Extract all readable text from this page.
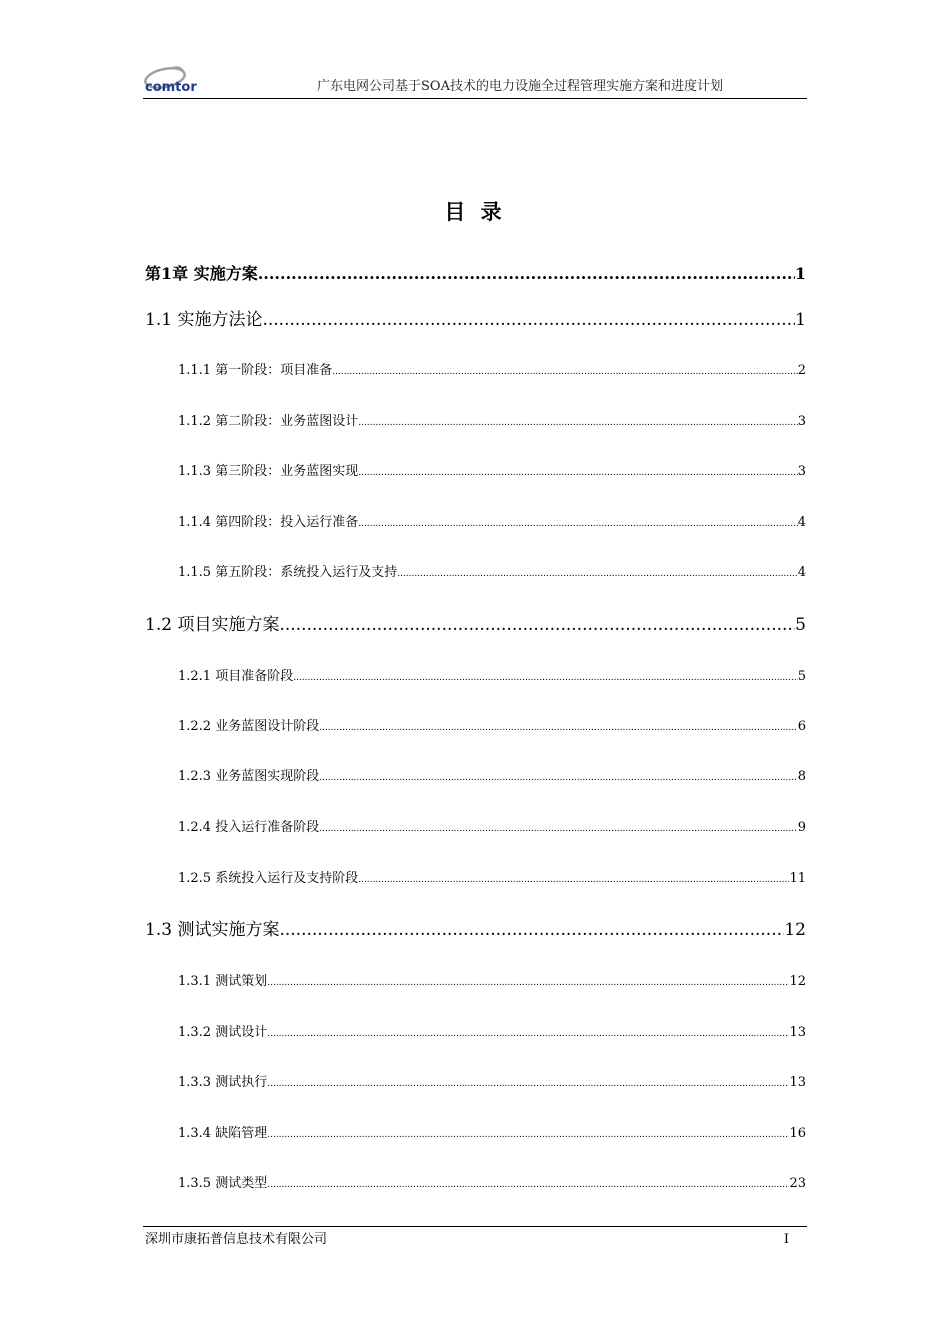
comtor	广东电网公司基于SOA技术的电力设施全过程管理实施方案和进度计划
目 录
第1章 实施方案 .....	1
1.1 实施方法论 .....	1
1.1.1 第一阶段：项目准备 .....	2
1.1.2 第二阶段：业务蓝图设计 .....	3
1.1.3 第三阶段：业务蓝图实现 .....	3
1.1.4 第四阶段：投入运行准备 .....	4
1.1.5 第五阶段：系统投入运行及支持 .....	4
1.2 项目实施方案 .....	5
1.2.1 项目准备阶段 .....	5
1.2.2 业务蓝图设计阶段 .....	6
1.2.3 业务蓝图实现阶段 .....	8
1.2.4 投入运行准备阶段 .....	9
1.2.5 系统投入运行及支持阶段 .....	11
1.3 测试实施方案 .....	12
1.3.1 测试策划 .....	12
1.3.2 测试设计 .....	13
1.3.3 测试执行 .....	13
1.3.4 缺陷管理 .....	16
1.3.5 测试类型 .....	23
深圳市康拓普信息技术有限公司	I
